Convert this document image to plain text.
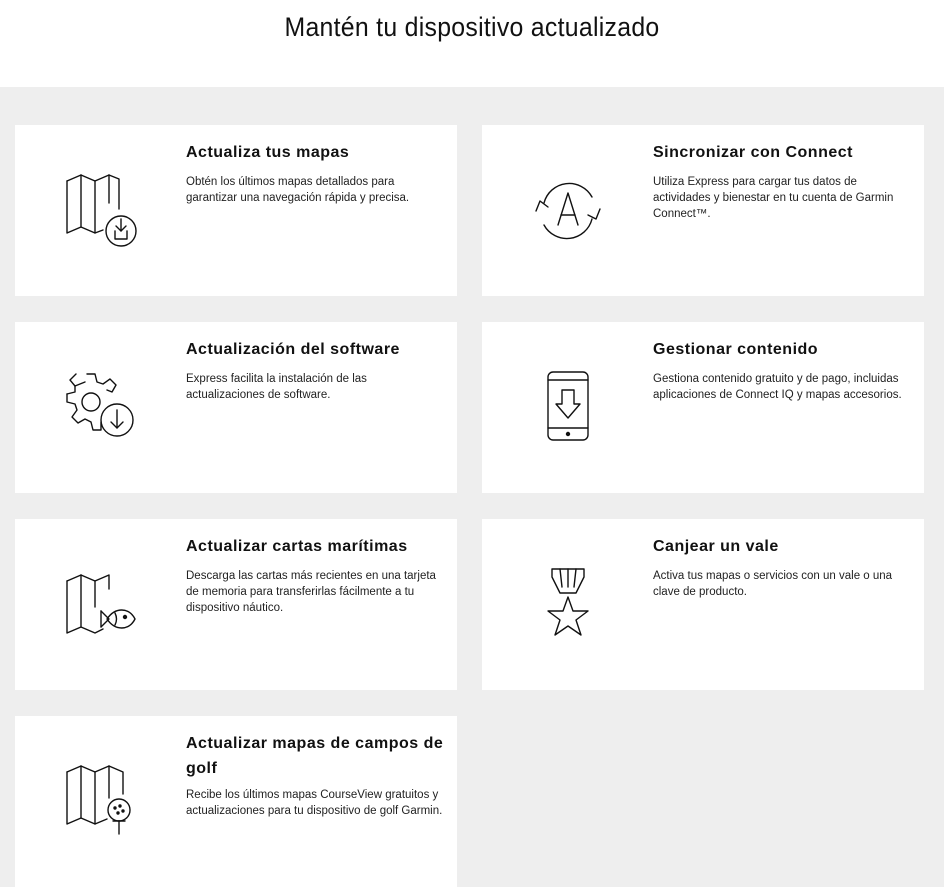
Mantén tu dispositivo actualizado
Actualiza tus mapas
Obtén los últimos mapas detallados para garantizar una navegación rápida y precisa.
Sincronizar con Connect
Utiliza Express para cargar tus datos de actividades y bienestar en tu cuenta de Garmin Connect™.
Actualización del software
Express facilita la instalación de las actualizaciones de software.
Gestionar contenido
Gestiona contenido gratuito y de pago, incluidas aplicaciones de Connect IQ y mapas accesorios.
Actualizar cartas marítimas
Descarga las cartas más recientes en una tarjeta de memoria para transferirlas fácilmente a tu dispositivo náutico.
Canjear un vale
Activa tus mapas o servicios con un vale o una clave de producto.
Actualizar mapas de campos de golf
Recibe los últimos mapas CourseView gratuitos y actualizaciones para tu dispositivo de golf Garmin.
